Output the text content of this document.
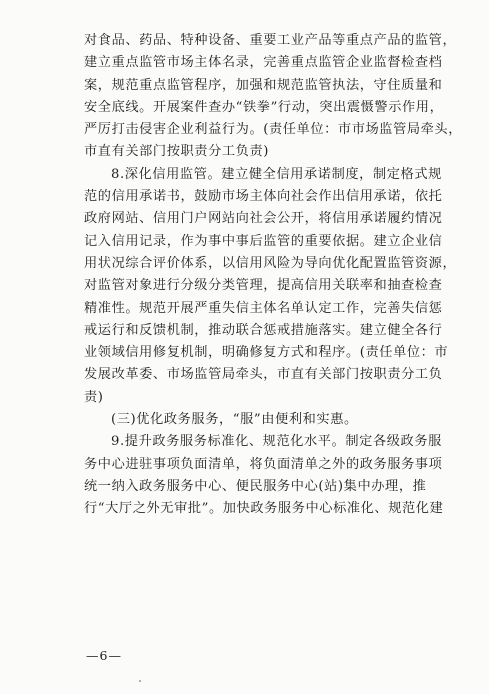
对食品、药品、特种设备、重要工业产品等重点产品的监管，
建立重点监管市场主体名录，完善重点监管企业监督检查档
案，规范重点监管程序，加强和规范监管执法，守住质量和
安全底线。开展案件查办“铁拳”行动，突出震慑警示作用，
严厉打击侵害企业利益行为。(责任单位：市市场监管局牵头，
市直有关部门按职责分工负责)
8.深化信用监管。建立健全信用承诺制度，制定格式规
范的信用承诺书，鼓励市场主体向社会作出信用承诺，依托
政府网站、信用门户网站向社会公开，将信用承诺履约情况
记入信用记录，作为事中事后监管的重要依据。建立企业信
用状况综合评价体系，以信用风险为导向优化配置监管资源，
对监管对象进行分级分类管理，提高信用关联率和抽查检查
精准性。规范开展严重失信主体名单认定工作，完善失信惩
戒运行和反馈机制，推动联合惩戒措施落实。建立健全各行
业领域信用修复机制，明确修复方式和程序。(责任单位：市
发展改革委、市场监管局牵头，市直有关部门按职责分工负
责)
(三)优化政务服务，“服”由便利和实惠。
9.提升政务服务标准化、规范化水平。制定各级政务服
务中心进驻事项负面清单，将负面清单之外的政务服务事项
统一纳入政务服务中心、便民服务中心(站)集中办理，推
行“大厅之外无审批”。加快政务服务中心标准化、规范化建
—6—
